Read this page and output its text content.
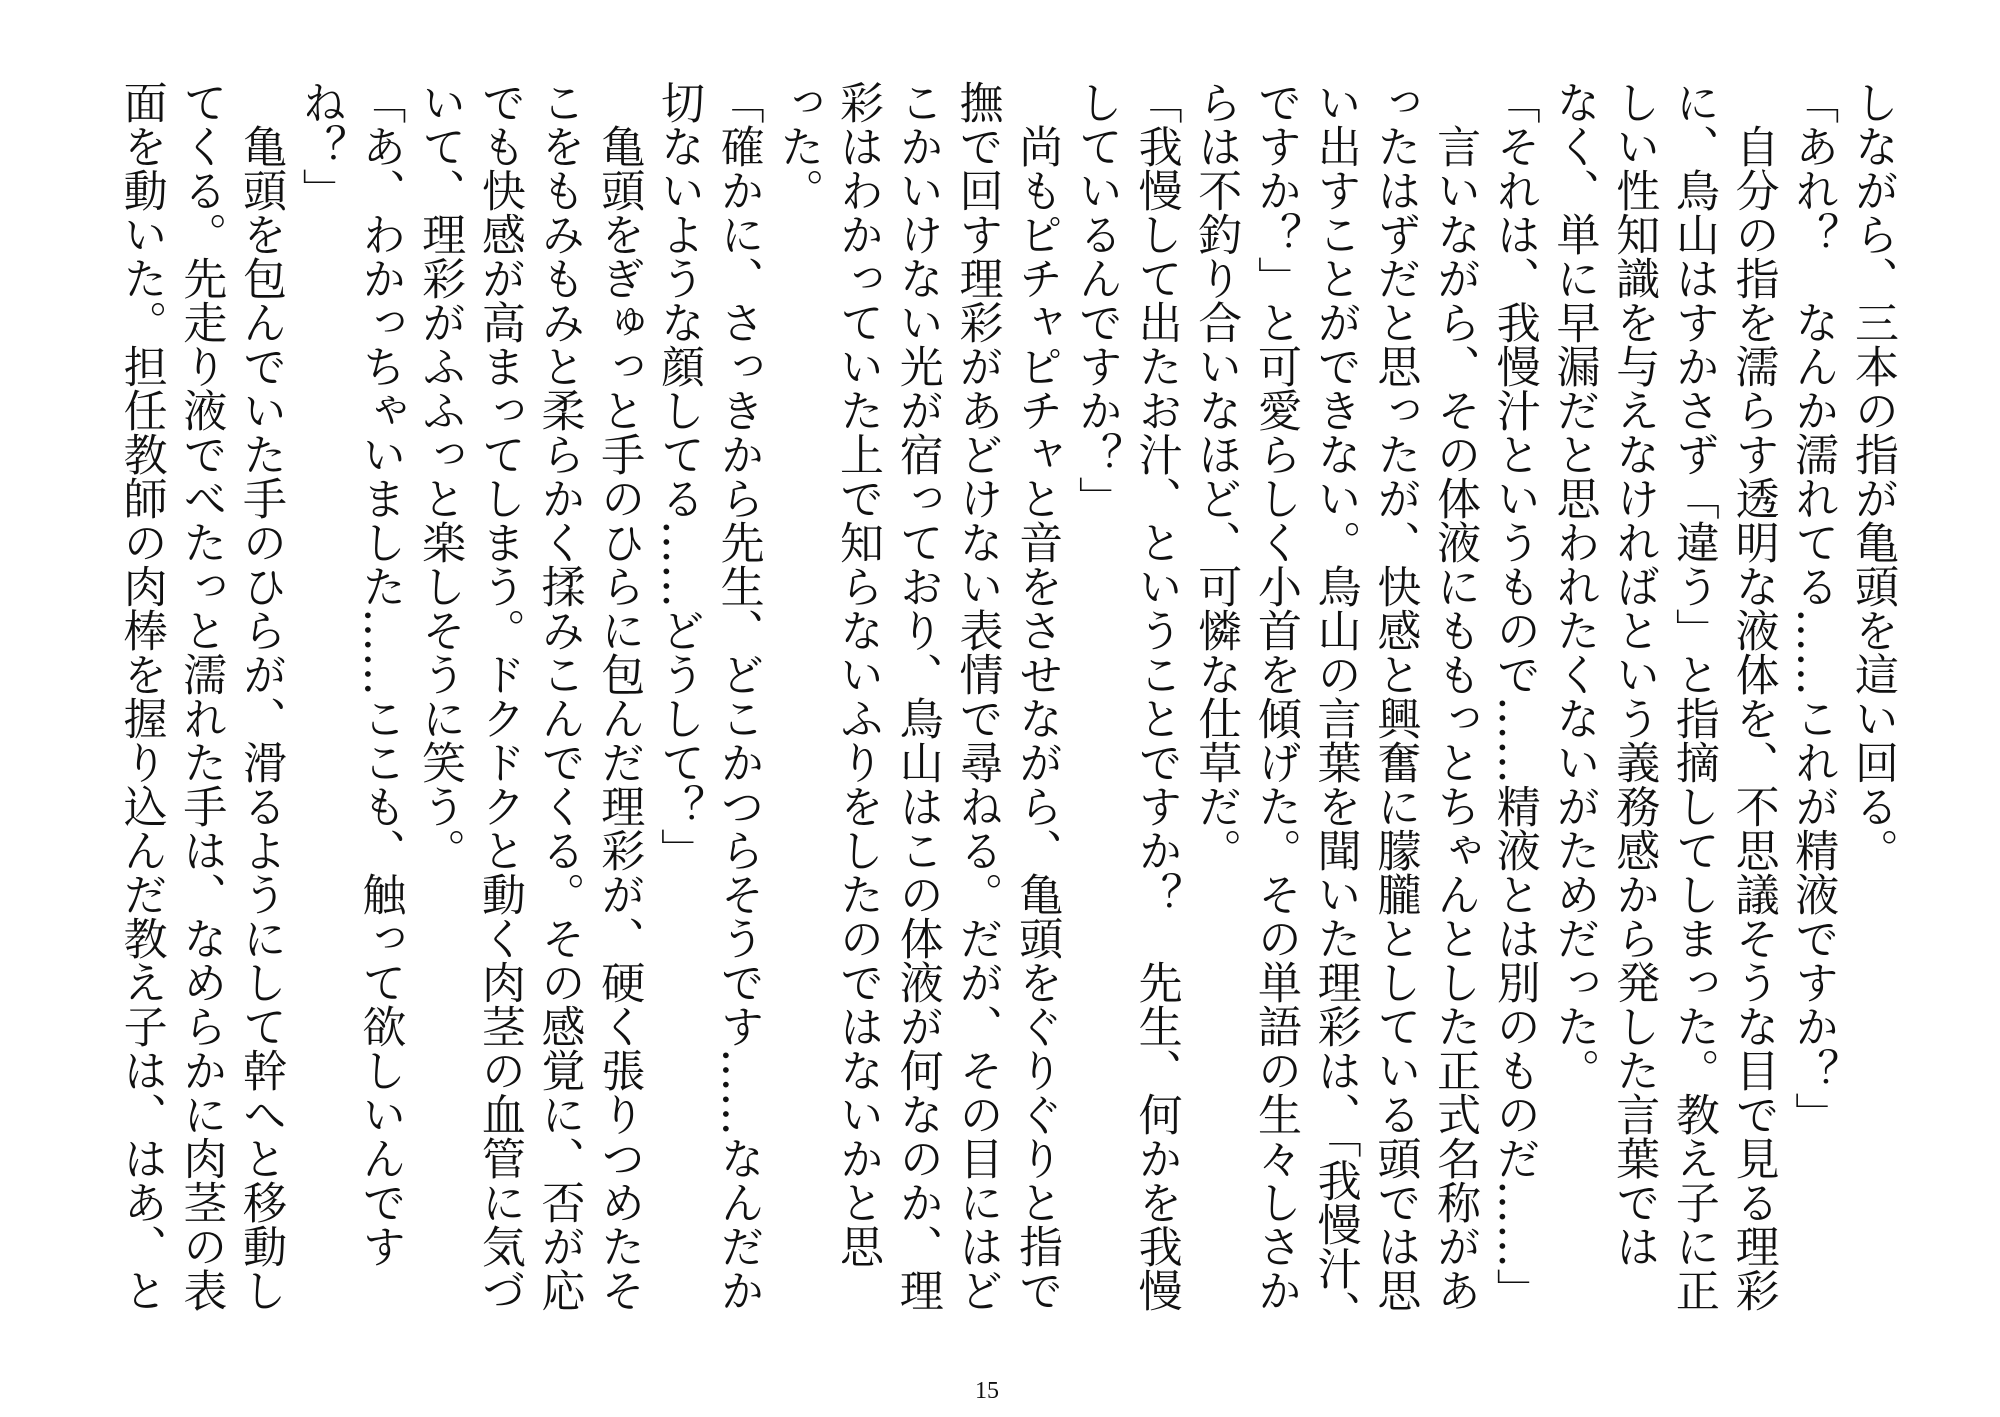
しながら、三本の指が亀頭を這い回る。
「あれ？　なんか濡れてる……これが精液ですか？」
自分の指を濡らす透明な液体を、不思議そうな目で見る理彩
に、鳥山はすかさず「違う」と指摘してしまった。教え子に正
しい性知識を与えなければという義務感から発した言葉では
なく、単に早漏だと思われたくないがためだった。
「それは、我慢汁というもので……精液とは別のものだ……」
言いながら、その体液にももっとちゃんとした正式名称があ
ったはずだと思ったが、快感と興奮に朦朧としている頭では思
い出すことができない。鳥山の言葉を聞いた理彩は、「我慢汁、
ですか？」と可愛らしく小首を傾げた。その単語の生々しさか
らは不釣り合いなほど、可憐な仕草だ。
「我慢して出たお汁、ということですか？　先生、何かを我慢
しているんですか？」
尚もピチャピチャと音をさせながら、亀頭をぐりぐりと指で
撫で回す理彩があどけない表情で尋ねる。だが、その目にはど
こかいけない光が宿っており、鳥山はこの体液が何なのか、理
彩はわかっていた上で知らないふりをしたのではないかと思
った。
「確かに、さっきから先生、どこかつらそうです……なんだか
切ないような顔してる……どうして？」
亀頭をぎゅっと手のひらに包んだ理彩が、硬く張りつめたそ
こをもみもみと柔らかく揉みこんでくる。その感覚に、否が応
でも快感が高まってしまう。ドクドクと動く肉茎の血管に気づ
いて、理彩がふふっと楽しそうに笑う。
「あ、わかっちゃいました……ここも、触って欲しいんです
ね？」
亀頭を包んでいた手のひらが、滑るようにして幹へと移動し
てくる。先走り液でべたっと濡れた手は、なめらかに肉茎の表
面を動いた。担任教師の肉棒を握り込んだ教え子は、はあ、と
15
